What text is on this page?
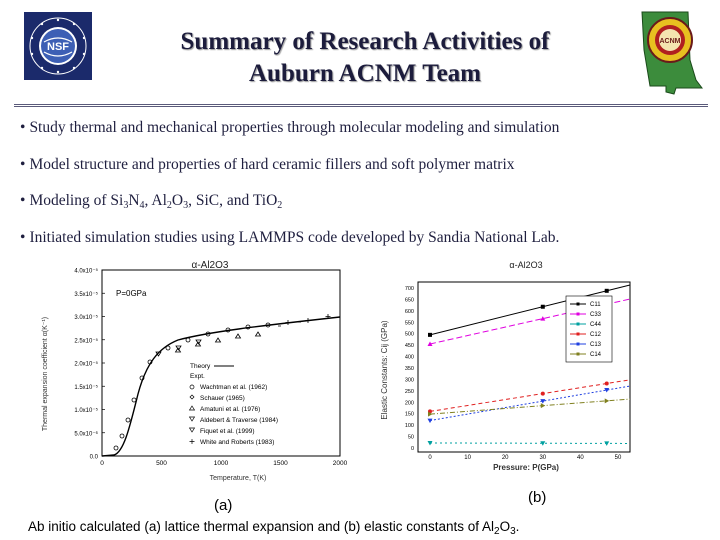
NSF	ACNM
Summary of Research Activities of
Auburn ACNM Team
• Study thermal and mechanical properties through molecular modeling and simulation
• Model structure and properties of hard ceramic fillers and soft polymer matrix
• Modeling of $Si_3N_4$, $Al_2O_3$, SiC, and TiO$_2$
• Initiated simulation studies using LAMMPS code developed by Sandia National Lab.
α-Al2O3
Thermal expansion coefficient α(K⁻¹)
Temperature, T(K)
P=0GPa
4.0x10⁻⁵
3.5x10⁻⁵
3.0x10⁻⁵
2.5x10⁻⁵
2.0x10⁻⁵
1.5x10⁻⁵
1.0x10⁻⁵
5.0x10⁻⁶
0.0
0	500	1000	1500	2000
Theory
Expt.
Wachtman et al. (1962)
Schauer (1965)
Amatuni et al. (1976)
Aldebert & Traverse (1984)
Fiquet et al. (1999)
White and Roberts (1983)
α-Al2O3
Elastic Constants: Cij (GPa)
Pressure: P(GPa)
700
650
600
550
500
450
400
350
300
250
200
150
100
50
0
0	10	20	30	40	50
C11
C33
C44
C12
C13
C14
(a)	(b)
Ab initio calculated (a) lattice thermal expansion and (b) elastic constants of $Al_2O_3$.
